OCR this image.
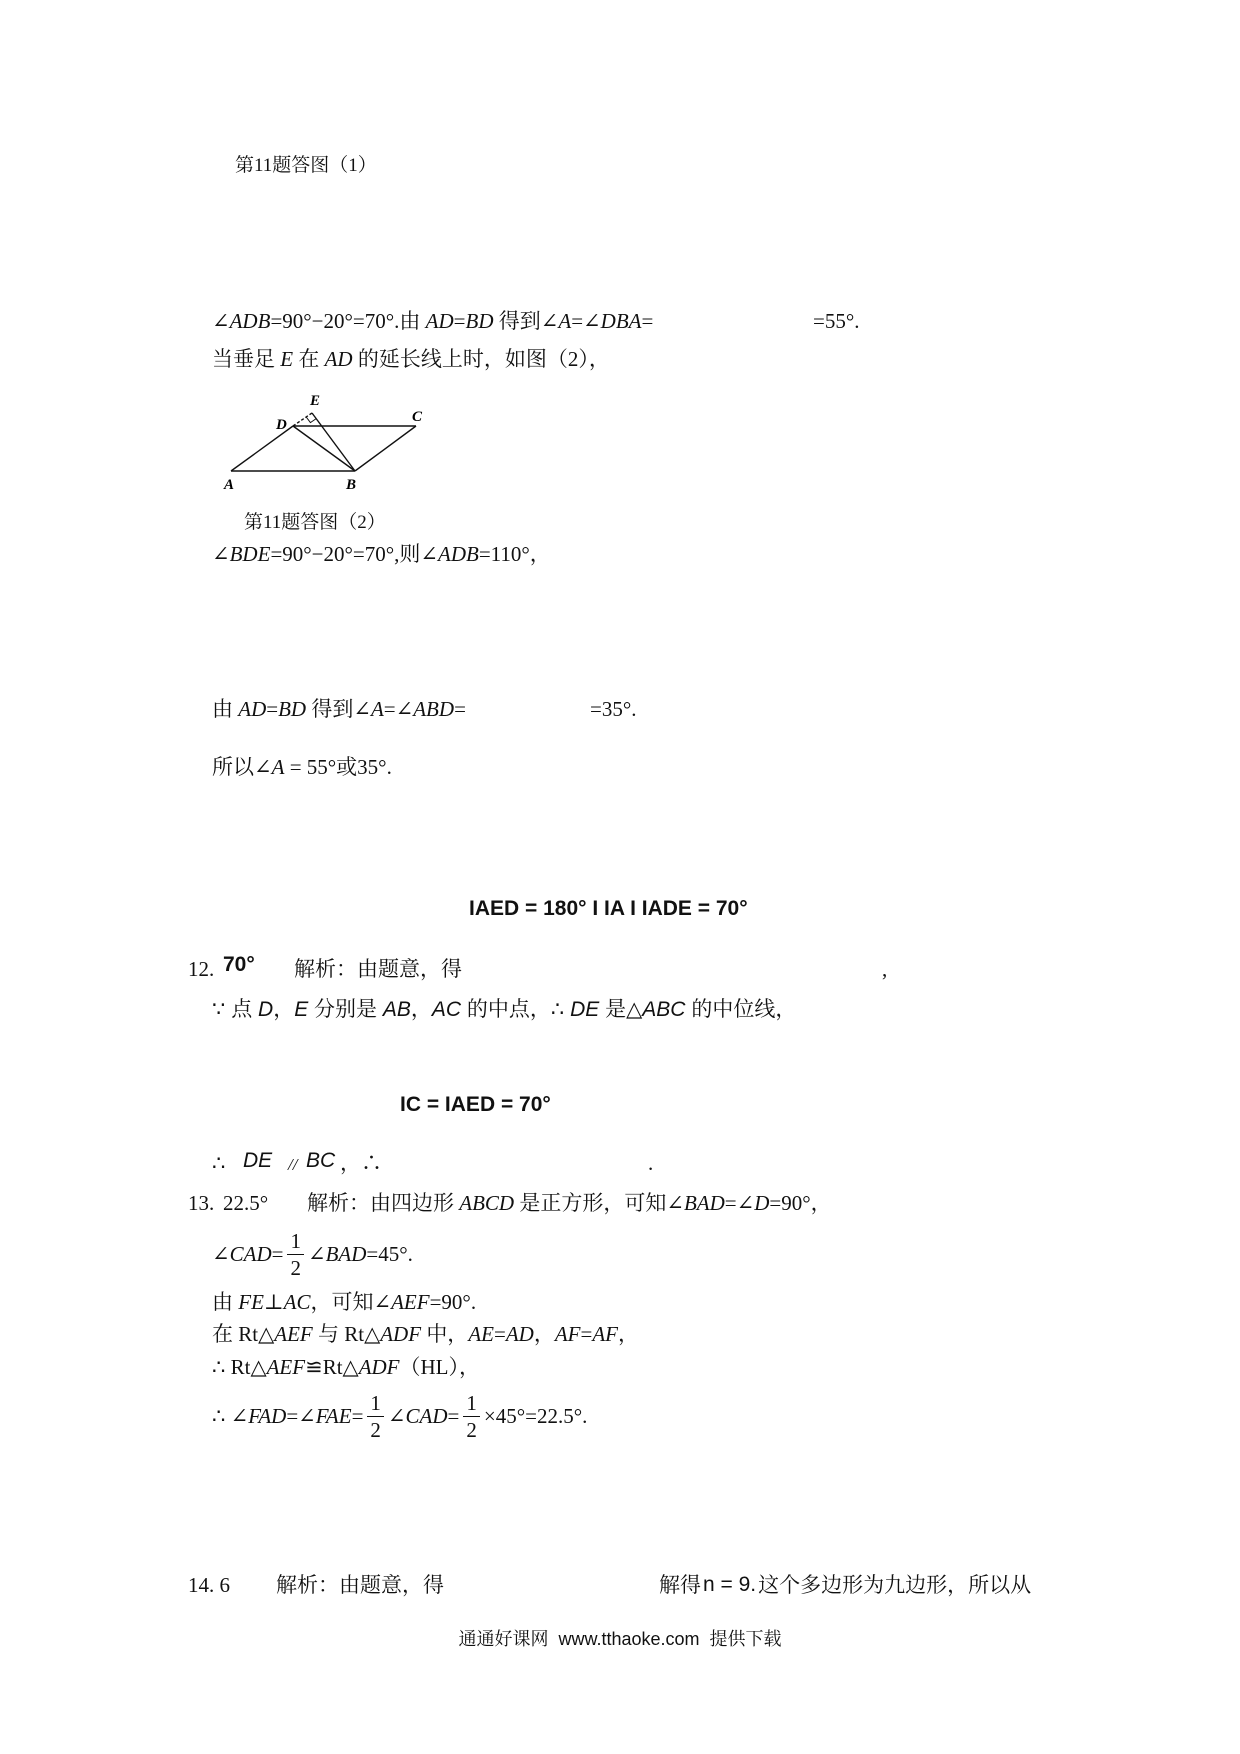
第11题答图（1）
∠ ADB =90°−20°=70°.由 AD = BD 得到∠ A =∠ DBA =	=55°.
当垂足 E 在 AD 的延长线上时，如图（2），
E
D	C
A	B
第11题答图（2）
∠ BDE =90°−20°=70°,则∠ ADB =110°，
由 AD = BD 得到∠ A =∠ ABD =	=35°.
所以∠ A = 55°或35°.
IAED = 180° I IA I IADE = 70°
12. 70° 解析：由题意，得	,
∵ 点 D ， E 分别是 AB ， AC 的中点，∴ DE 是△ ABC 的中位线，
IC = IAED = 70°
∴ DE // BC ，∴	.
13. 22.5° 解析：由四边形 ABCD 是正方形，可知∠ BAD =∠ D =90°，
∠ CAD = $\frac{1}{2}$ ∠ BAD =45°.
由 FE ⊥ AC ，可知∠ AEF =90°.
在 Rt△ AEF 与 Rt△ ADF 中， AE = AD ， AF = AF ，
∴ Rt△ AEF ≌Rt△ ADF （HL），
∴ ∠ FAD =∠ FAE = $\frac{1}{2}$ ∠ CAD = $\frac{1}{2} \times 45^\circ=22.5^\circ$.
14. 6 解析：由题意，得	解得 n = 9. 这个多边形为九边形，所以从
通通好课网  www.tthaoke.com  提供下载
